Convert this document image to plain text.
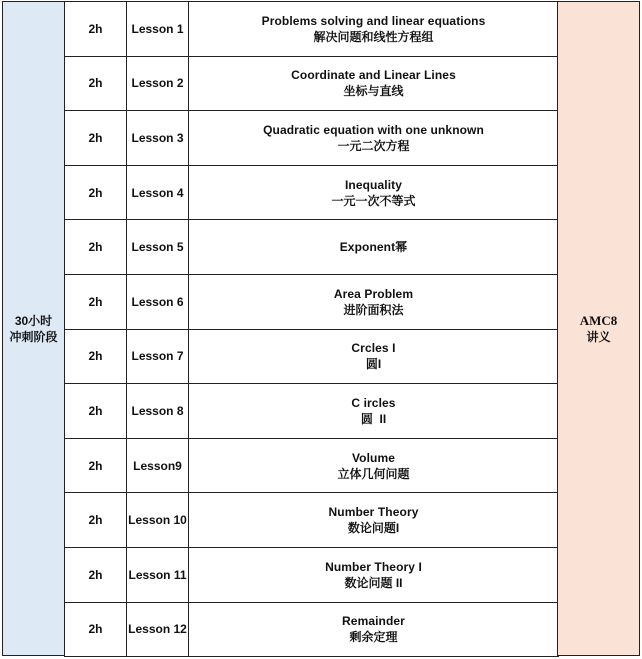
30小时
冲刺阶段
2h	Lesson 1	Problems solving and linear equations
解决问题和线性方程组

2h	Lesson 2	Coordinate and Linear Lines
坐标与直线

2h	Lesson 3	Quadratic equation with one unknown
一元二次方程

2h	Lesson 4	Inequality
一元一次不等式

2h	Lesson 5	Exponent幂

2h	Lesson 6	Area Problem
进阶面积法

2h	Lesson 7	Crcles I
圆I

2h	Lesson 8	C ircles
圆  II

2h	Lesson9	Volume
立体几何问题

2h	Lesson 10	Number Theory
数论问题I

2h	Lesson 11	Number Theory I
数论问题 II

2h	Lesson 12	Remainder
剩余定理
AMC8
讲义
